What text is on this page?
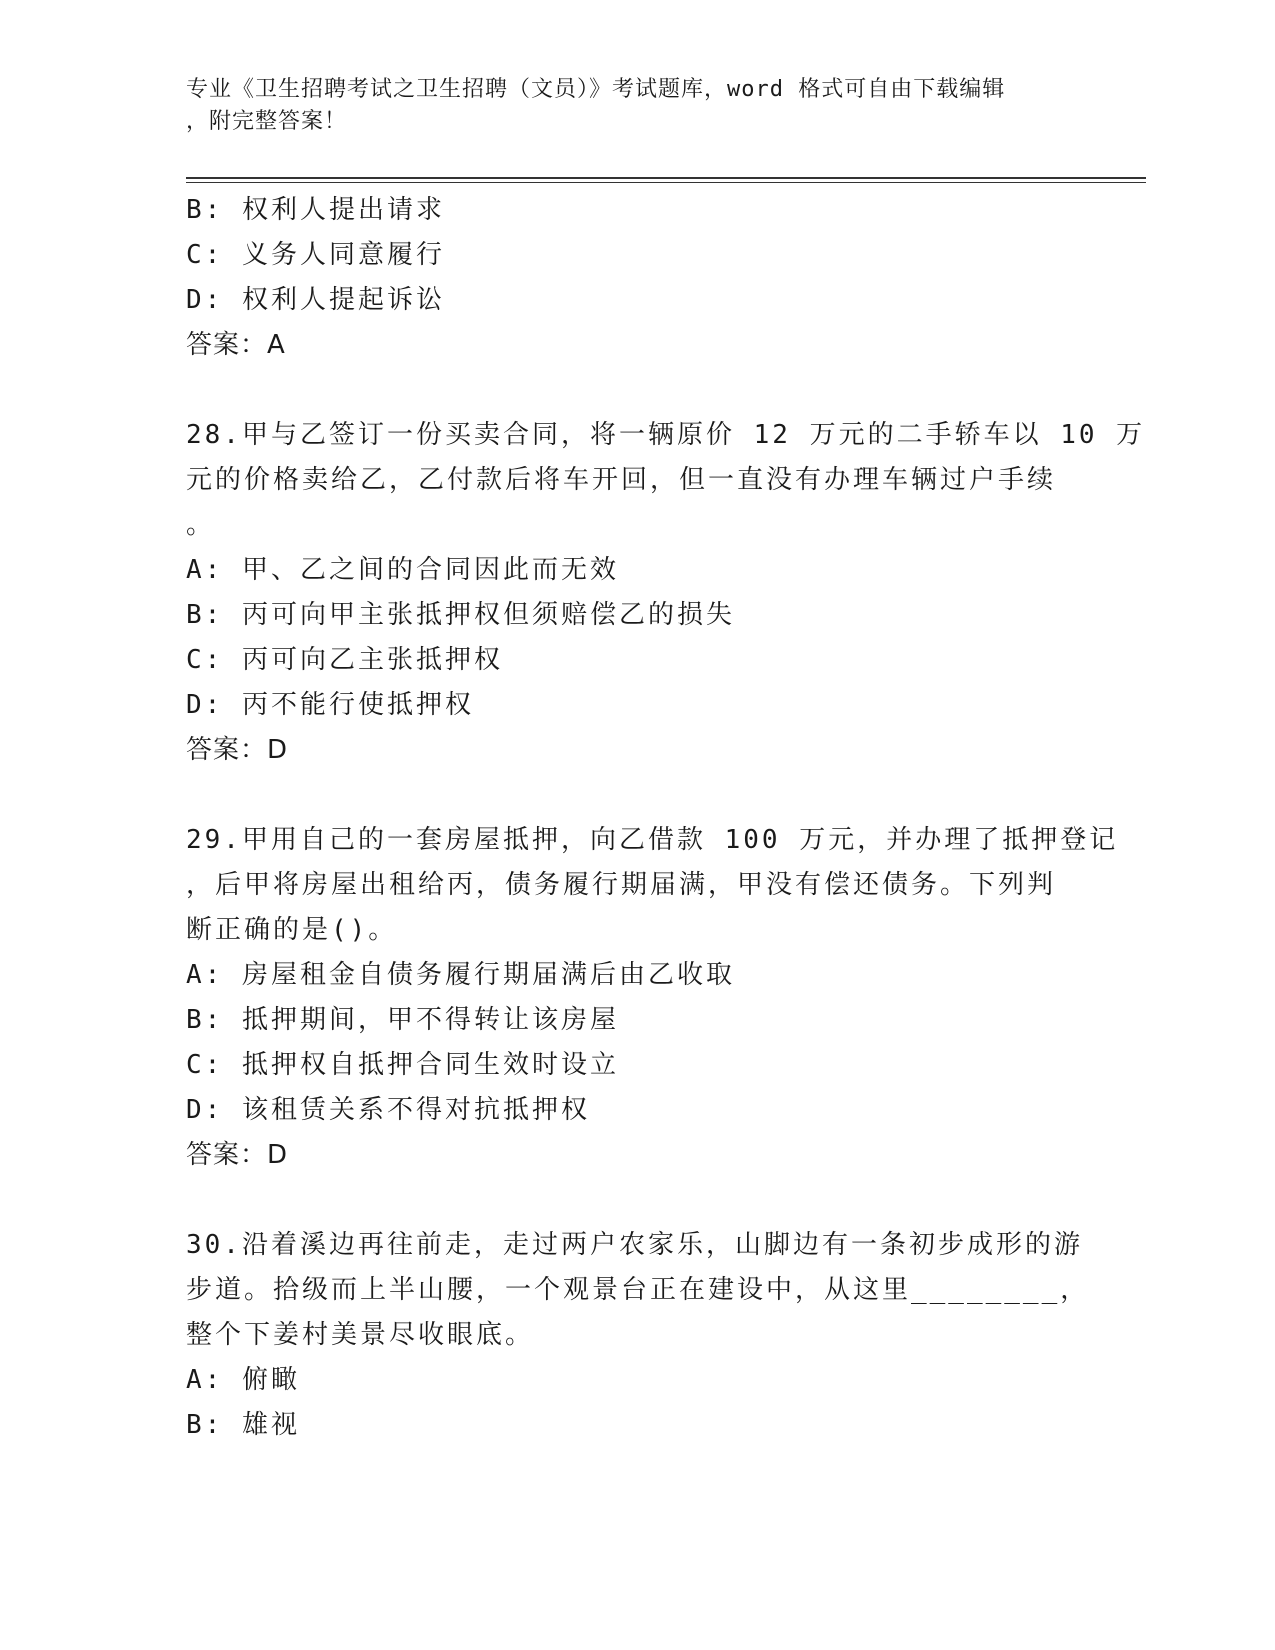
专业《卫生招聘考试之卫生招聘（文员）》考试题库，word 格式可自由下载编辑
，附完整答案！
B: 权利人提出请求
C: 义务人同意履行
D: 权利人提起诉讼
答案：A
28.甲与乙签订一份买卖合同，将一辆原价 12 万元的二手轿车以 10 万
元的价格卖给乙，乙付款后将车开回，但一直没有办理车辆过户手续
。
A: 甲、乙之间的合同因此而无效
B: 丙可向甲主张抵押权但须赔偿乙的损失
C: 丙可向乙主张抵押权
D: 丙不能行使抵押权
答案：D
29.甲用自己的一套房屋抵押，向乙借款 100 万元，并办理了抵押登记
，后甲将房屋出租给丙，债务履行期届满，甲没有偿还债务。下列判
断正确的是()。
A: 房屋租金自债务履行期届满后由乙收取
B: 抵押期间，甲不得转让该房屋
C: 抵押权自抵押合同生效时设立
D: 该租赁关系不得对抗抵押权
答案：D
30.沿着溪边再往前走，走过两户农家乐，山脚边有一条初步成形的游
步道。拾级而上半山腰，一个观景台正在建设中，从这里________，
整个下姜村美景尽收眼底。
A: 俯瞰
B: 雄视
